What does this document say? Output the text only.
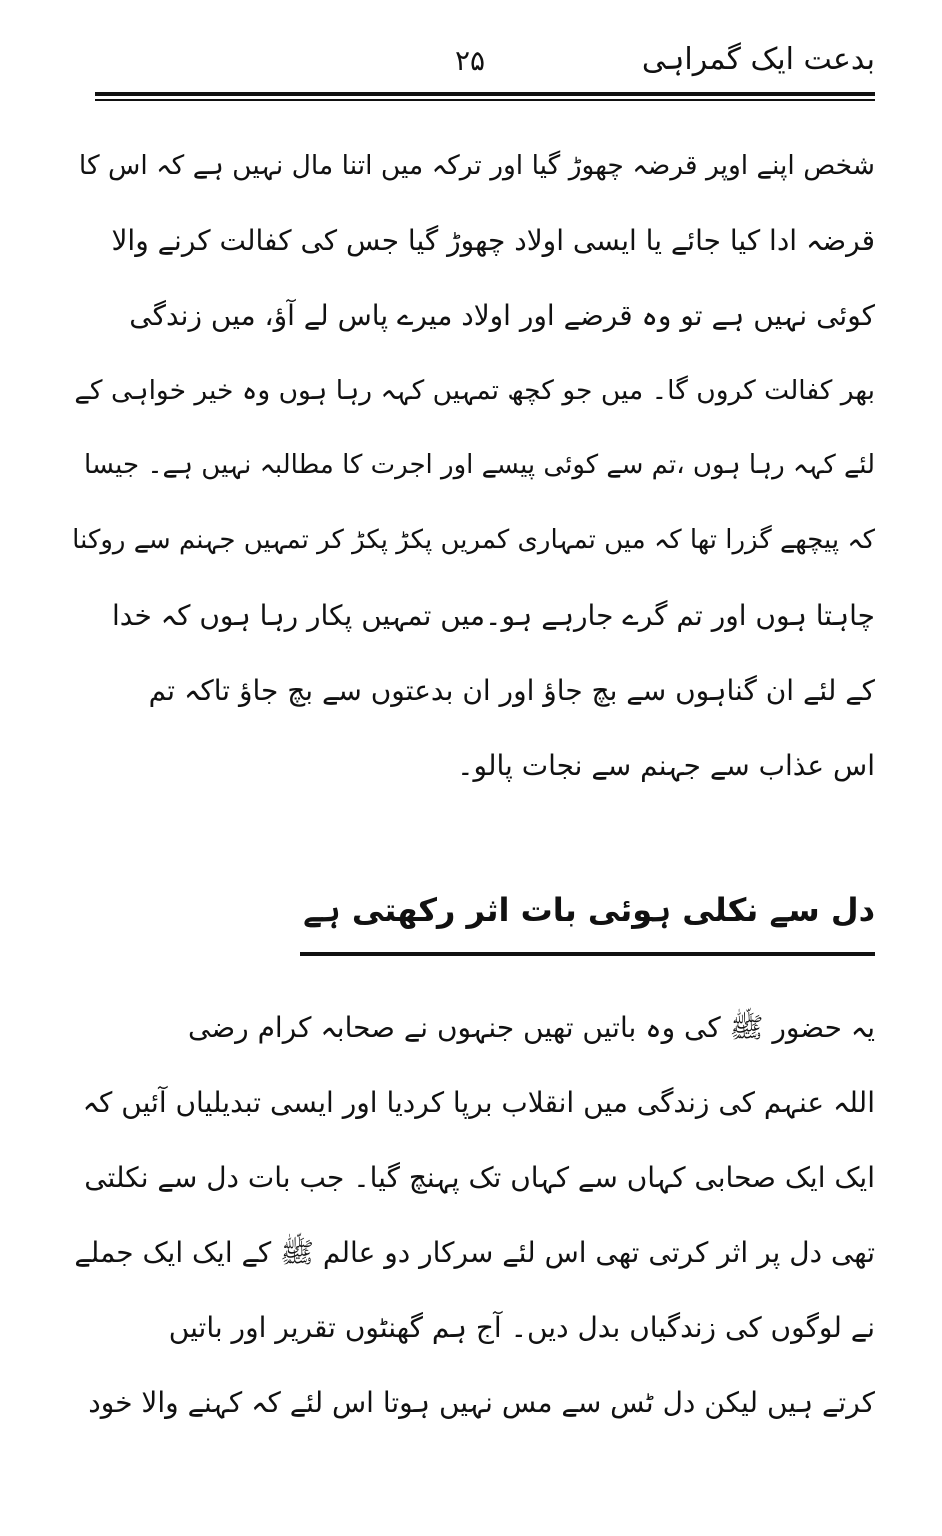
بدعت ایک گمراہی
۲۵
شخص اپنے اوپر قرضہ چھوڑ گیا اور ترکہ میں اتنا مال نہیں ہے کہ اس کا
قرضہ ادا کیا جائے یا ایسی اولاد چھوڑ گیا جس کی کفالت کرنے والا
کوئی نہیں ہے تو وہ قرضے اور اولاد میرے پاس لے آؤ، میں زندگی
بھر کفالت کروں گا۔ میں جو کچھ تمہیں کہہ رہا ہوں وہ خیر خواہی کے
لئے کہہ رہا ہوں ،تم سے کوئی پیسے اور اجرت کا مطالبہ نہیں ہے۔ جیسا
کہ پیچھے گزرا تھا کہ میں تمہاری کمریں پکڑ پکڑ کر تمہیں جہنم سے روکنا
چاہتا ہوں اور تم گرے جارہے ہو۔میں تمہیں پکار رہا ہوں کہ خدا
کے لئے ان گناہوں سے بچ جاؤ اور ان بدعتوں سے بچ جاؤ تاکہ تم
اس عذاب سے جہنم سے نجات پالو۔
دل سے نکلی ہوئی بات اثر رکھتی ہے
یہ حضور ﷺ کی وہ باتیں تھیں جنہوں نے صحابہ کرام رضی
اللہ عنہم کی زندگی میں انقلاب برپا کردیا اور ایسی تبدیلیاں آئیں کہ
ایک ایک صحابی کہاں سے کہاں تک پہنچ گیا۔ جب بات دل سے نکلتی
تھی دل پر اثر کرتی تھی اس لئے سرکار دو عالم ﷺ کے ایک ایک جملے
نے لوگوں کی زندگیاں بدل دیں۔ آج ہم گھنٹوں تقریر اور باتیں
کرتے ہیں لیکن دل ٹس سے مس نہیں ہوتا اس لئے کہ کہنے والا خود
